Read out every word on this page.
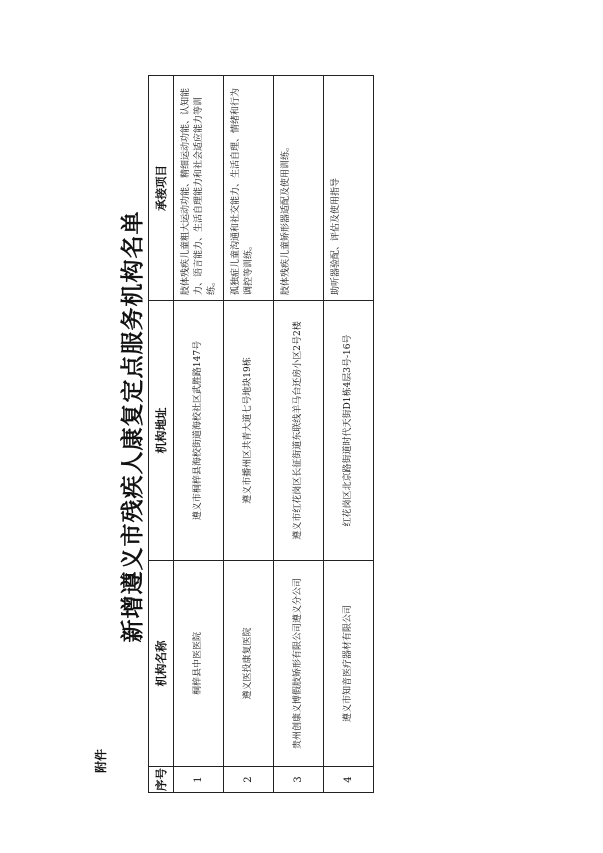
附件
新增遵义市残疾人康复定点服务机构名单
序号	机构名称	机构地址	承接项目
1	桐梓县中医医院	遵义市桐梓县海校街道海校社区武胜路147号	肢体残疾儿童粗大运动功能、精细运动功能、认知能力、语言能力、生活自理能力和社会适应能力等训练。
2	遵义医投康复医院	遵义市播州区共青大道七号地块19栋	孤独症儿童沟通和社交能力、生活自理、情绪和行为调控等训练。
3	贵州创康义博假肢矫形有限公司遵义分公司	遵义市红花岗区长征街道东联线羊马台还房小区2号2楼	肢体残疾儿童矫形器适配及使用训练。
4	遵义市知音医疗器材有限公司	红花岗区北京路街道时代天街D1栋4层3号-16号	助听器验配、评估及使用指导
